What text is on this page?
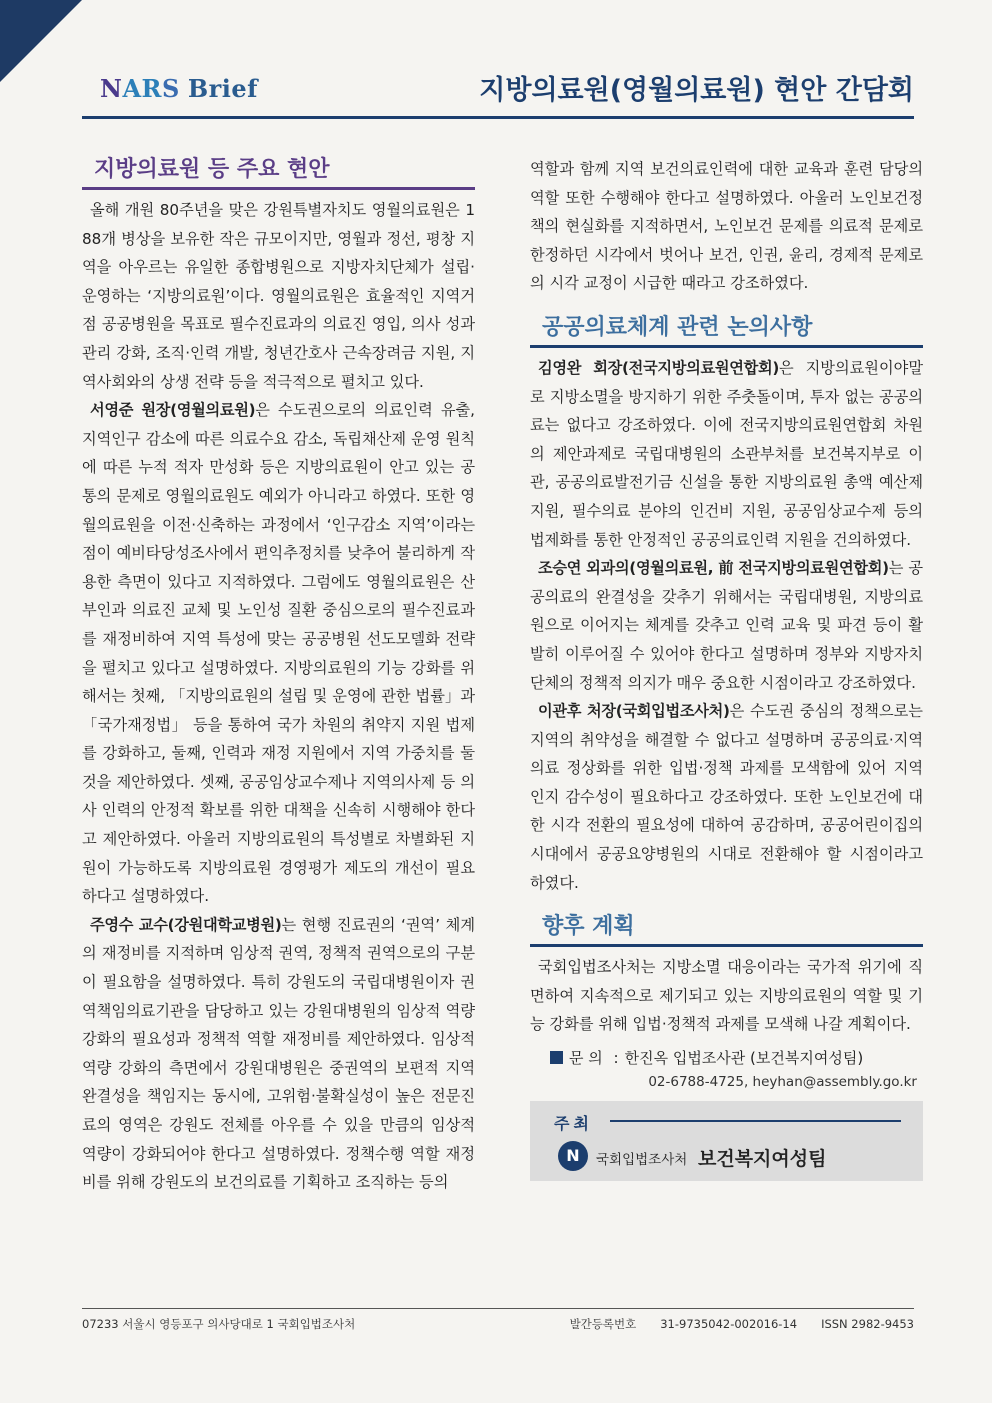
NARS Brief	지방의료원(영월의료원) 현안 간담회
지방의료원 등 주요 현안

올해 개원 80주년을 맞은 강원특별자치도 영월의료원은 188개 병상을 보유한 작은 규모이지만, 영월과 정선, 평창 지역을 아우르는 유일한 종합병원으로 지방자치단체가 설립·운영하는 ‘지방의료원’이다. 영월의료원은 효율적인 지역거점 공공병원을 목표로 필수진료과의 의료진 영입, 의사 성과관리 강화, 조직·인력 개발, 청년간호사 근속장려금 지원, 지역사회와의 상생 전략 등을 적극적으로 펼치고 있다.

서영준 원장(영월의료원)은 수도권으로의 의료인력 유출, 지역인구 감소에 따른 의료수요 감소, 독립채산제 운영 원칙에 따른 누적 적자 만성화 등은 지방의료원이 안고 있는 공통의 문제로 영월의료원도 예외가 아니라고 하였다. 또한 영월의료원을 이전·신축하는 과정에서 ‘인구감소 지역’이라는 점이 예비타당성조사에서 편익추정치를 낮추어 불리하게 작용한 측면이 있다고 지적하였다. 그럼에도 영월의료원은 산부인과 의료진 교체 및 노인성 질환 중심으로의 필수진료과를 재정비하여 지역 특성에 맞는 공공병원 선도모델화 전략을 펼치고 있다고 설명하였다. 지방의료원의 기능 강화를 위해서는 첫째, 「지방의료원의 설립 및 운영에 관한 법률」과 「국가재정법」 등을 통하여 국가 차원의 취약지 지원 법제를 강화하고, 둘째, 인력과 재정 지원에서 지역 가중치를 둘 것을 제안하였다. 셋째, 공공임상교수제나 지역의사제 등 의사 인력의 안정적 확보를 위한 대책을 신속히 시행해야 한다고 제안하였다. 아울러 지방의료원의 특성별로 차별화된 지원이 가능하도록 지방의료원 경영평가 제도의 개선이 필요하다고 설명하였다.

주영수 교수(강원대학교병원)는 현행 진료권의 ‘권역’ 체계의 재정비를 지적하며 임상적 권역, 정책적 권역으로의 구분이 필요함을 설명하였다. 특히 강원도의 국립대병원이자 권역책임의료기관을 담당하고 있는 강원대병원의 임상적 역량 강화의 필요성과 정책적 역할 재정비를 제안하였다. 임상적 역량 강화의 측면에서 강원대병원은 중권역의 보편적 지역완결성을 책임지는 동시에, 고위험·불확실성이 높은 전문진료의 영역은 강원도 전체를 아우를 수 있을 만큼의 임상적 역량이 강화되어야 한다고 설명하였다. 정책수행 역할 재정비를 위해 강원도의 보건의료를 기획하고 조직하는 등의

역할과 함께 지역 보건의료인력에 대한 교육과 훈련 담당의 역할 또한 수행해야 한다고 설명하였다. 아울러 노인보건정책의 현실화를 지적하면서, 노인보건 문제를 의료적 문제로 한정하던 시각에서 벗어나 보건, 인권, 윤리, 경제적 문제로의 시각 교정이 시급한 때라고 강조하였다.

공공의료체계 관련 논의사항

김영완 회장(전국지방의료원연합회)은 지방의료원이야말로 지방소멸을 방지하기 위한 주춧돌이며, 투자 없는 공공의료는 없다고 강조하였다. 이에 전국지방의료원연합회 차원의 제안과제로 국립대병원의 소관부처를 보건복지부로 이관, 공공의료발전기금 신설을 통한 지방의료원 총액 예산제 지원, 필수의료 분야의 인건비 지원, 공공임상교수제 등의 법제화를 통한 안정적인 공공의료인력 지원을 건의하였다.

조승연 외과의(영월의료원, 前 전국지방의료원연합회)는 공공의료의 완결성을 갖추기 위해서는 국립대병원, 지방의료원으로 이어지는 체계를 갖추고 인력 교육 및 파견 등이 활발히 이루어질 수 있어야 한다고 설명하며 정부와 지방자치단체의 정책적 의지가 매우 중요한 시점이라고 강조하였다.

이관후 처장(국회입법조사처)은 수도권 중심의 정책으로는 지역의 취약성을 해결할 수 없다고 설명하며 공공의료·지역의료 정상화를 위한 입법·정책 과제를 모색함에 있어 지역 인지 감수성이 필요하다고 강조하였다. 또한 노인보건에 대한 시각 전환의 필요성에 대하여 공감하며, 공공어린이집의 시대에서 공공요양병원의 시대로 전환해야 할 시점이라고 하였다.

향후 계획

국회입법조사처는 지방소멸 대응이라는 국가적 위기에 직면하여 지속적으로 제기되고 있는 지방의료원의 역할 및 기능 강화를 위해 입법·정책적 과제를 모색해 나갈 계획이다.

문 의 : 한진옥 입법조사관 (보건복지여성팀)
02-6788-4725, heyhan@assembly.go.kr
주최
N	국회입법조사처 보건복지여성팀
07233 서울시 영등포구 의사당대로 1 국회입법조사처	발간등록번호 31-9735042-002016-14 ISSN 2982-9453
